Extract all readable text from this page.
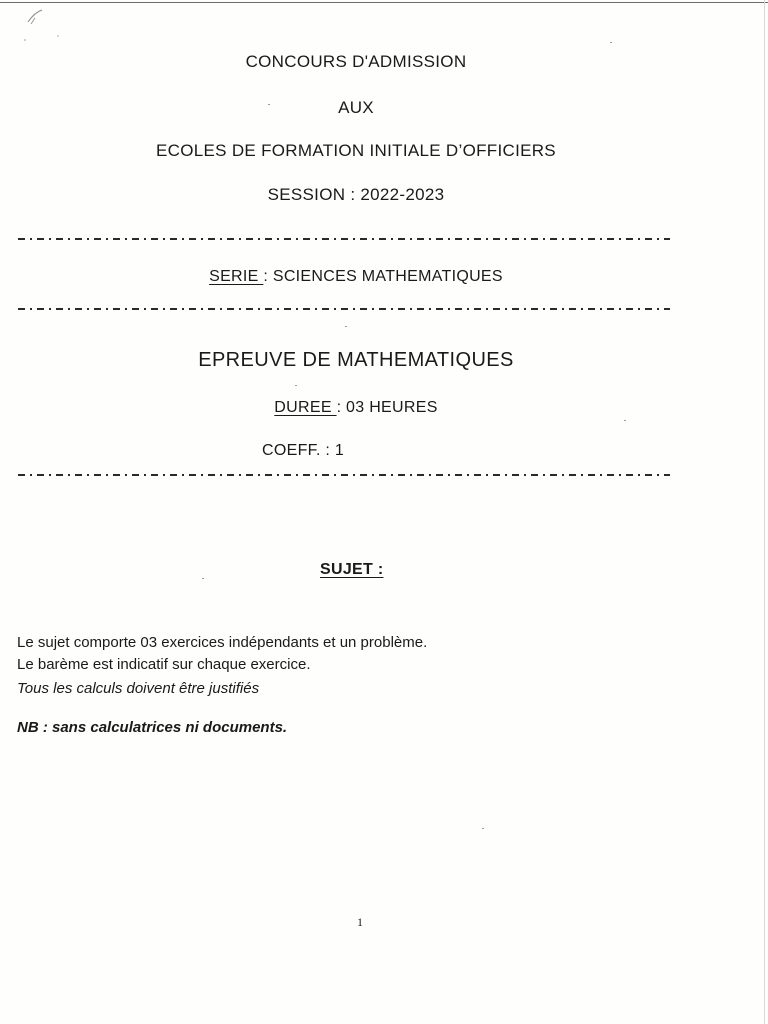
CONCOURS D'ADMISSION
AUX
ECOLES DE FORMATION INITIALE D’OFFICIERS
SESSION : 2022-2023
SERIE : SCIENCES MATHEMATIQUES
EPREUVE DE MATHEMATIQUES
DUREE : 03 HEURES
COEFF. : 1
SUJET :
Le sujet comporte 03 exercices indépendants et un problème.
Le barème est indicatif sur chaque exercice.
Tous les calculs doivent être justifiés
NB : sans calculatrices ni documents.
1
